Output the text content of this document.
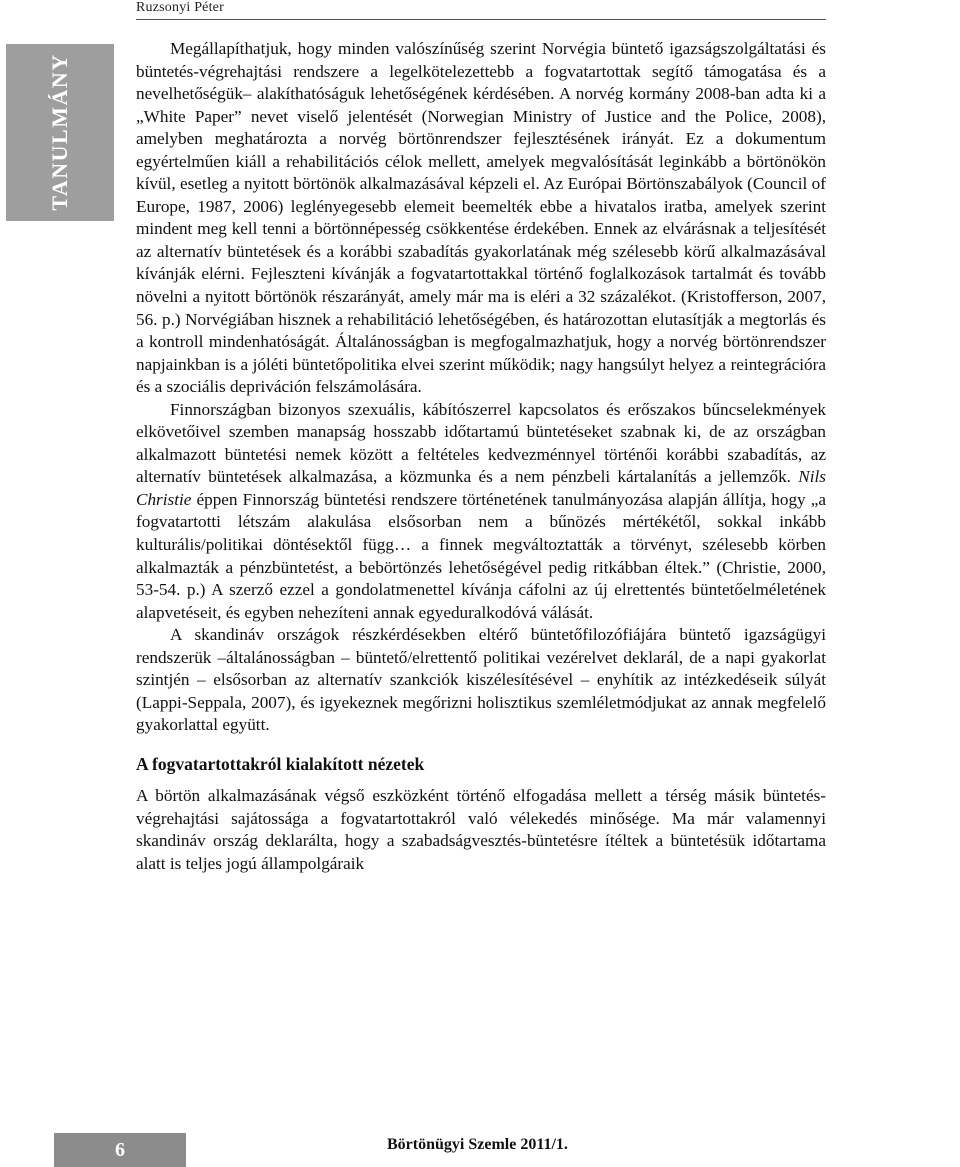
Ruzsonyi Péter
TANULMÁNY

Megállapíthatjuk, hogy minden valószínűség szerint Norvégia büntető igazságszolgáltatási és büntetés-végrehajtási rendszere a legelkötelezettebb a fogvatartottak segítő támogatása és a nevelhetőségük– alakíthatóságuk lehetőségének kérdésében. A norvég kormány 2008-ban adta ki a „White Paper” nevet viselő jelentését (Norwegian Ministry of Justice and the Police, 2008), amelyben meghatározta a norvég börtönrendszer fejlesztésének irányát. Ez a dokumentum egyértelműen kiáll a rehabilitációs célok mellett, amelyek megvalósítását leginkább a börtönökön kívül, esetleg a nyitott börtönök alkalmazásával képzeli el. Az Európai Börtönszabályok (Council of Europe, 1987, 2006) leglényegesebb elemeit beemelték ebbe a hivatalos iratba, amelyek szerint mindent meg kell tenni a börtönnépesség csökkentése érdekében. Ennek az elvárásnak a teljesítését az alternatív büntetések és a korábbi szabadítás gyakorlatának még szélesebb körű alkalmazásával kívánják elérni. Fejleszteni kívánják a fogvatartottakkal történő foglalkozások tartalmát és tovább növelni a nyitott börtönök részarányát, amely már ma is eléri a 32 százalékot. (Kristofferson, 2007, 56. p.) Norvégiában hisznek a rehabilitáció lehetőségében, és határozottan elutasítják a megtorlás és a kontroll mindenhatóságát. Általánosságban is megfogalmazhatjuk, hogy a norvég börtönrendszer napjainkban is a jóléti büntetőpolitika elvei szerint működik; nagy hangsúlyt helyez a reintegrációra és a szociális depriváción felszámolására.

Finnországban bizonyos szexuális, kábítószerrel kapcsolatos és erőszakos bűncselekmények elkövetőivel szemben manapság hosszabb időtartamú büntetéseket szabnak ki, de az országban alkalmazott büntetési nemek között a feltételes kedvezménnyel történői korábbi szabadítás, az alternatív büntetések alkalmazása, a közmunka és a nem pénzbeli kártalanítás a jellemzők. Nils Christie éppen Finnország büntetési rendszere történetének tanulmányozása alapján állítja, hogy „a fogvatartotti létszám alakulása elsősorban nem a bűnözés mértékétől, sokkal inkább kulturális/politikai döntésektől függ… a finnek megváltoztatták a törvényt, szélesebb körben alkalmazták a pénzbüntetést, a bebörtönzés lehetőségével pedig ritkábban éltek.” (Christie, 2000, 53-54. p.) A szerző ezzel a gondolatmenettel kívánja cáfolni az új elrettentés büntetőelméletének alapvetéseit, és egyben nehezíteni annak egyeduralkodóvá válását.

A skandináv országok részkérdésekben eltérő büntetőfilozófiájára büntető igazságügyi rendszerük –általánosságban – büntető/elrettentő politikai vezérelvet deklarál, de a napi gyakorlat szintjén – elsősorban az alternatív szankciók kiszélesítésével – enyhítik az intézkedéseik súlyát (Lappi-Seppala, 2007), és igyekeznek megőrizni holisztikus szemléletmódjukat az annak megfelelő gyakorlattal együtt.

A fogvatartottakról kialakított nézetek

A börtön alkalmazásának végső eszközként történő elfogadása mellett a térség másik büntetés-végrehajtási sajátossága a fogvatartottakról való vélekedés minősége. Ma már valamennyi skandináv ország deklarálta, hogy a szabadságvesztés-büntetésre ítéltek a büntetésük időtartama alatt is teljes jogú állampolgáraik

6	Börtönügyi Szemle 2011/1.
